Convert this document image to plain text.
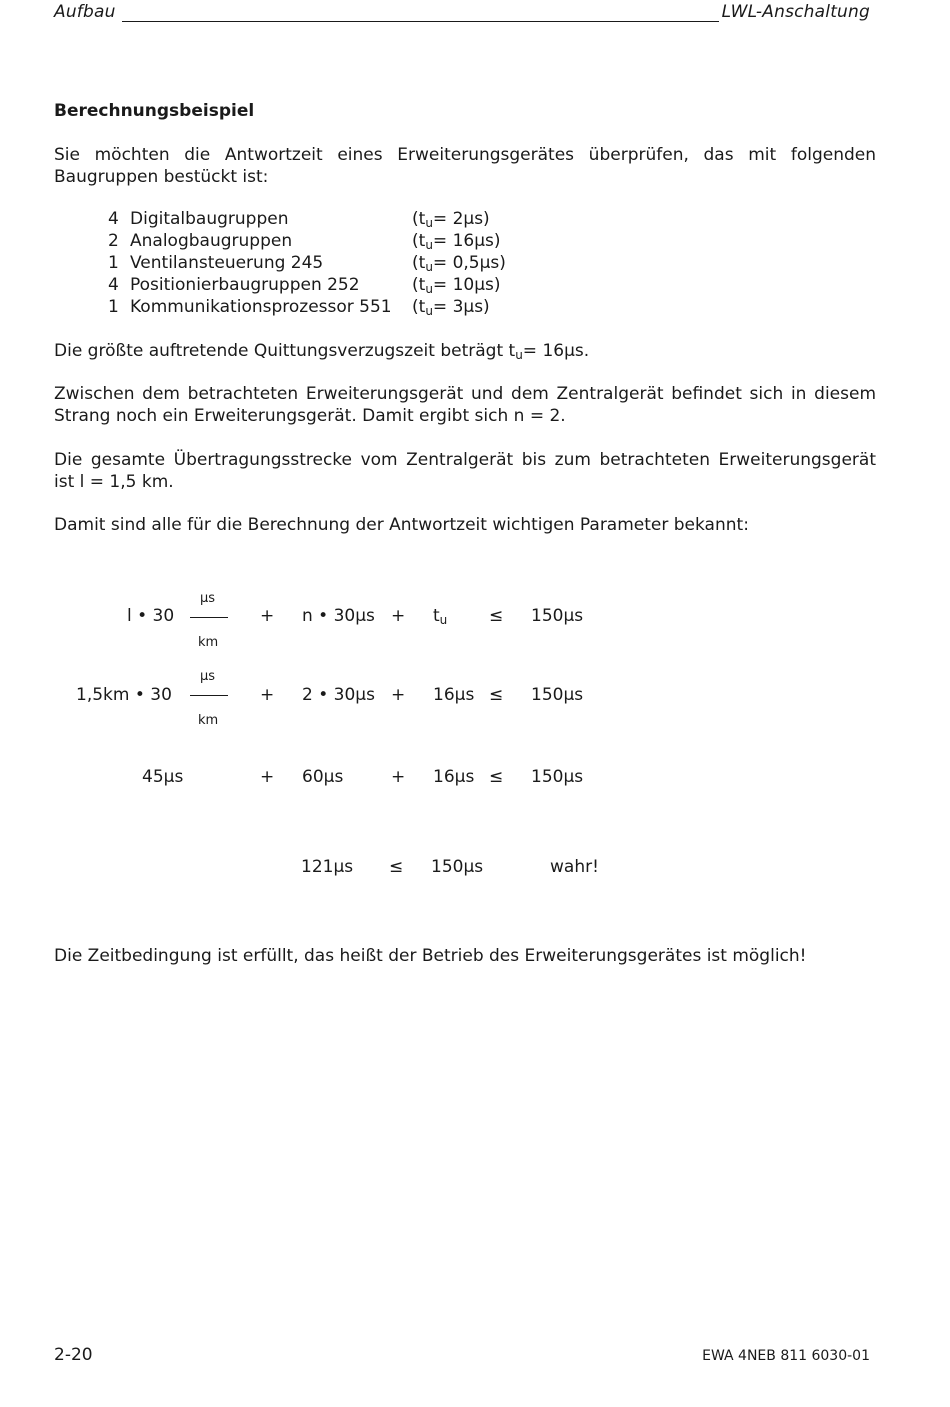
Aufbau	LWL-Anschaltung
Berechnungsbeispiel
Sie möchten die Antwortzeit eines Erweiterungsgerätes überprüfen, das mit folgenden Baugruppen bestückt ist:
4 Digitalbaugruppen	$(t_u= 2\mu s)$
2 Analogbaugruppen	$(t_u= 16\mu s)$
1 Ventilansteuerung 245	$(t_u= 0,5\mu s)$
4 Positionierbaugruppen 252	$(t_u= 10\mu s)$
1 Kommunikationsprozessor 551 $(t_u= 3\mu s)$
Die größte auftretende Quittungsverzugszeit beträgt $t_u= 16\mu s$.
Zwischen dem betrachteten Erweiterungsgerät und dem Zentralgerät befindet sich in diesem Strang noch ein Erweiterungsgerät. Damit ergibt sich n = 2.
Die gesamte Übertragungsstrecke vom Zentralgerät bis zum betrachteten Erweiterungsgerät ist l = 1,5 km.
Damit sind alle für die Berechnung der Antwortzeit wichtigen Parameter bekannt:
l • 30
µs
km
+ n • $30\mu s + t_u \le 150\mu s$
1,5km • 30
µs
km
+ 2 • 30µs + 16µs ≤ 150µs
45µs	+ 60µs	+ 16µs ≤ 150µs
121µs ≤ 150µs	wahr!
Die Zeitbedingung ist erfüllt, das heißt der Betrieb des Erweiterungsgerätes ist möglich!
2-20	EWA 4NEB 811 6030-01
